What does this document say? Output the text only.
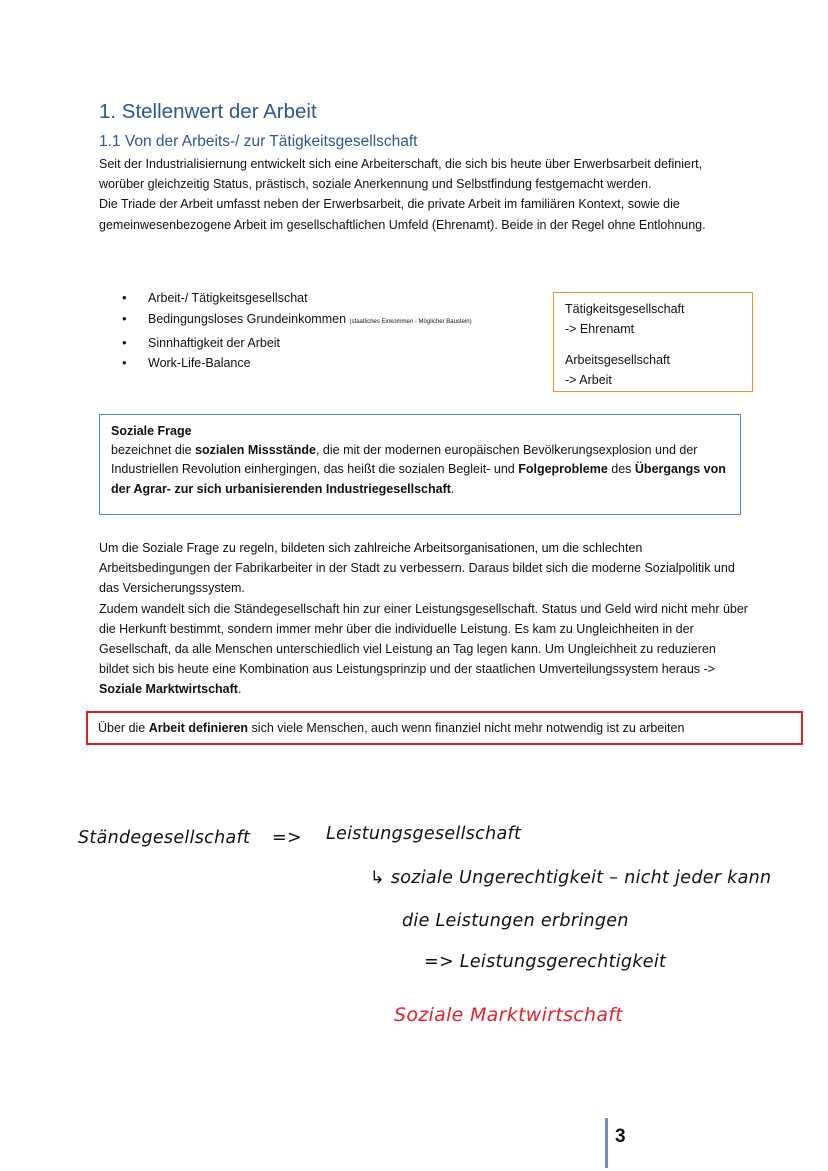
1. Stellenwert der Arbeit
1.1 Von der Arbeits-/ zur Tätigkeitsgesellschaft
Seit der Industrialisiernung entwickelt sich eine Arbeiterschaft, die sich bis heute über Erwerbsarbeit definiert, worüber gleichzeitig Status, prästisch, soziale Anerkennung und Selbstfindung festgemacht werden.
Die Triade der Arbeit umfasst neben der Erwerbsarbeit, die private Arbeit im familiären Kontext, sowie die gemeinwesenbezogene Arbeit im gesellschaftlichen Umfeld (Ehrenamt). Beide in der Regel ohne Entlohnung.
• Arbeit-/ Tätigkeitsgesellschat
• Bedingungsloses Grundeinkommen (staatliches Einkommen - Möglicher Baustein)
• Sinnhaftigkeit der Arbeit
• Work-Life-Balance
Tätigkeitsgesellschaft
-> Ehrenamt
Arbeitsgesellschaft
-> Arbeit
Soziale Frage
bezeichnet die sozialen Missstände, die mit der modernen europäischen Bevölkerungsexplosion und der Industriellen Revolution einhergingen, das heißt die sozialen Begleit- und Folgeprobleme des Übergangs von der Agrar- zur sich urbanisierenden Industriegesellschaft.
Um die Soziale Frage zu regeln, bildeten sich zahlreiche Arbeitsorganisationen, um die schlechten Arbeitsbedingungen der Fabrikarbeiter in der Stadt zu verbessern. Daraus bildet sich die moderne Sozialpolitik und das Versicherungssystem.
Zudem wandelt sich die Ständegesellschaft hin zur einer Leistungsgesellschaft. Status und Geld wird nicht mehr über die Herkunft bestimmt, sondern immer mehr über die individuelle Leistung. Es kam zu Ungleichheiten in der Gesellschaft, da alle Menschen unterschiedlich viel Leistung an Tag legen kann. Um Ungleichheit zu reduzieren bildet sich bis heute eine Kombination aus Leistungsprinzip und der staatlichen Umverteilungssystem heraus -> Soziale Marktwirtschaft.
Über die Arbeit definieren sich viele Menschen, auch wenn finanziel nicht mehr notwendig ist zu arbeiten
Ständegesellschaft => Leistungsgesellschaft
↳ soziale Ungerechtigkeit – nicht jeder kann
die Leistungen erbringen
=> Leistungsgerechtigkeit
Soziale Marktwirtschaft
3
